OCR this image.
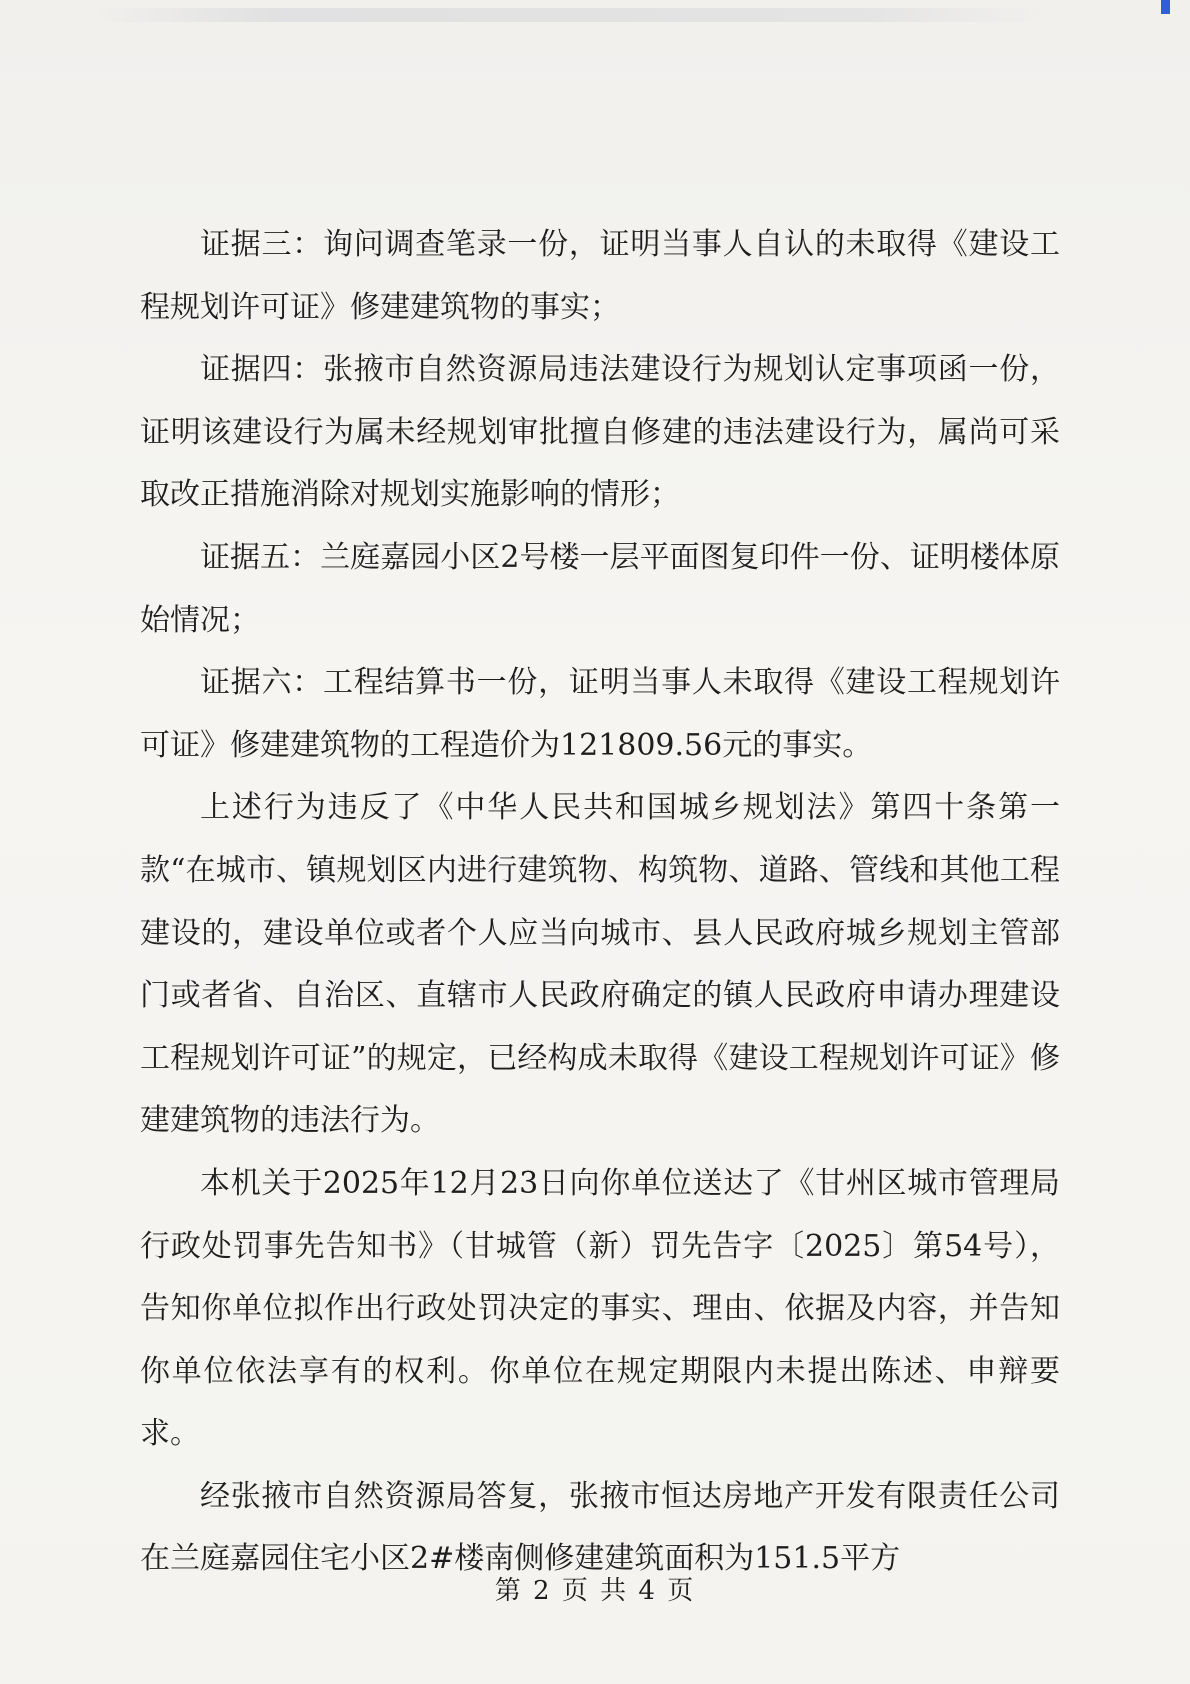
证据三：询问调查笔录一份，证明当事人自认的未取得《建设工程规划许可证》修建建筑物的事实；

证据四：张掖市自然资源局违法建设行为规划认定事项函一份，证明该建设行为属未经规划审批擅自修建的违法建设行为，属尚可采取改正措施消除对规划实施影响的情形；

证据五：兰庭嘉园小区2号楼一层平面图复印件一份、证明楼体原始情况；

证据六：工程结算书一份，证明当事人未取得《建设工程规划许可证》修建建筑物的工程造价为121809.56元的事实。

上述行为违反了《中华人民共和国城乡规划法》第四十条第一款“在城市、镇规划区内进行建筑物、构筑物、道路、管线和其他工程建设的，建设单位或者个人应当向城市、县人民政府城乡规划主管部门或者省、自治区、直辖市人民政府确定的镇人民政府申请办理建设工程规划许可证”的规定，已经构成未取得《建设工程规划许可证》修建建筑物的违法行为。

本机关于2025年12月23日向你单位送达了《甘州区城市管理局行政处罚事先告知书》（甘城管（新）罚先告字〔2025〕第54号），告知你单位拟作出行政处罚决定的事实、理由、依据及内容，并告知你单位依法享有的权利。你单位在规定期限内未提出陈述、申辩要求。

经张掖市自然资源局答复，张掖市恒达房地产开发有限责任公司在兰庭嘉园住宅小区2#楼南侧修建建筑面积为151.5平方

第 2 页 共 4 页
